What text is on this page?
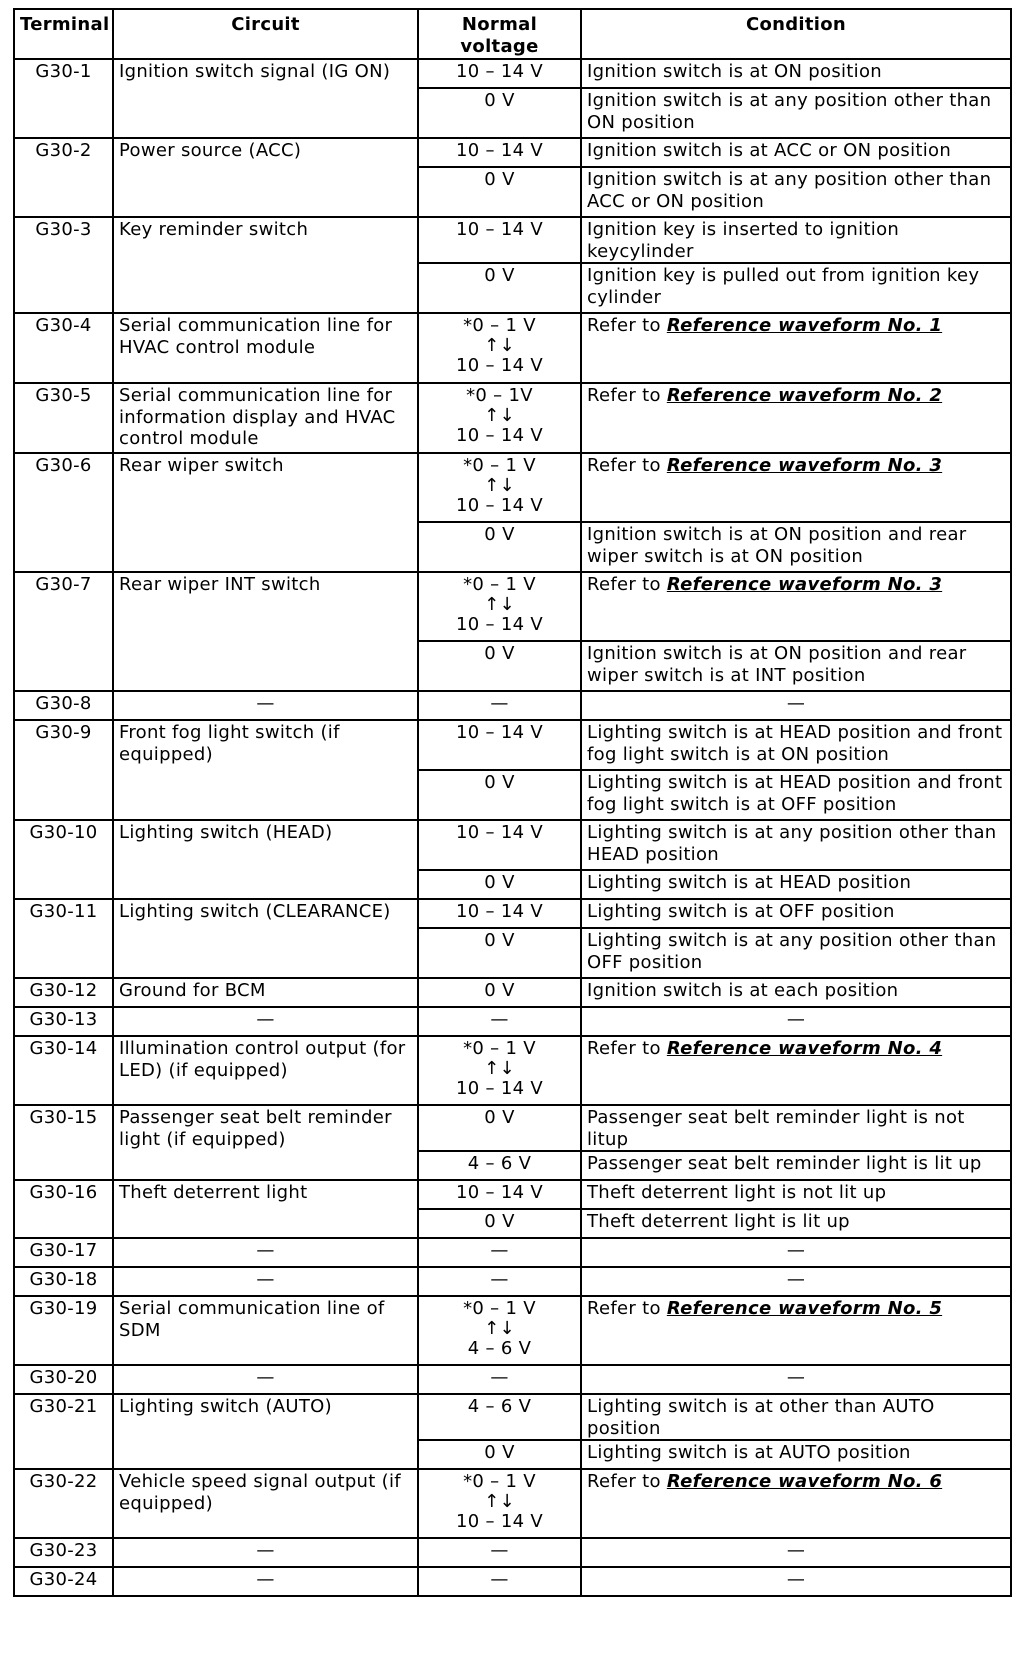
Terminal	Circuit	Normal voltage	Condition
G30-1	Ignition switch signal (IG ON)	10 – 14 V	Ignition switch is at ON position
		0 V	Ignition switch is at any position other than ON position
G30-2	Power source (ACC)	10 – 14 V	Ignition switch is at ACC or ON position
		0 V	Ignition switch is at any position other than ACC or ON position
G30-3	Key reminder switch	10 – 14 V	Ignition key is inserted to ignition keycylinder
		0 V	Ignition key is pulled out from ignition key cylinder
G30-4	Serial communication line for HVAC control module	*0 – 1 V
↑↓
10 – 14 V	Refer to Reference waveform No. 1
G30-5	Serial communication line for information display and HVAC control module	*0 – 1V
↑↓
10 – 14 V	Refer to Reference waveform No. 2
G30-6	Rear wiper switch	*0 – 1 V
↑↓
10 – 14 V	Refer to Reference waveform No. 3
		0 V	Ignition switch is at ON position and rear wiper switch is at ON position
G30-7	Rear wiper INT switch	*0 – 1 V
↑↓
10 – 14 V	Refer to Reference waveform No. 3
		0 V	Ignition switch is at ON position and rear wiper switch is at INT position
G30-8	—	—	—
G30-9	Front fog light switch (if equipped)	10 – 14 V	Lighting switch is at HEAD position and front fog light switch is at ON position
		0 V	Lighting switch is at HEAD position and front fog light switch is at OFF position
G30-10	Lighting switch (HEAD)	10 – 14 V	Lighting switch is at any position other than HEAD position
		0 V	Lighting switch is at HEAD position
G30-11	Lighting switch (CLEARANCE)	10 – 14 V	Lighting switch is at OFF position
		0 V	Lighting switch is at any position other than OFF position
G30-12	Ground for BCM	0 V	Ignition switch is at each position
G30-13	—	—	—
G30-14	Illumination control output (for LED) (if equipped)	*0 – 1 V
↑↓
10 – 14 V	Refer to Reference waveform No. 4
G30-15	Passenger seat belt reminder light (if equipped)	0 V	Passenger seat belt reminder light is not litup
		4 – 6 V	Passenger seat belt reminder light is lit up
G30-16	Theft deterrent light	10 – 14 V	Theft deterrent light is not lit up
		0 V	Theft deterrent light is lit up
G30-17	—	—	—
G30-18	—	—	—
G30-19	Serial communication line of SDM	*0 – 1 V
↑↓
4 – 6 V	Refer to Reference waveform No. 5
G30-20	—	—	—
G30-21	Lighting switch (AUTO)	4 – 6 V	Lighting switch is at other than AUTO position
		0 V	Lighting switch is at AUTO position
G30-22	Vehicle speed signal output (if equipped)	*0 – 1 V
↑↓
10 – 14 V	Refer to Reference waveform No. 6
G30-23	—	—	—
G30-24	—	—	—
